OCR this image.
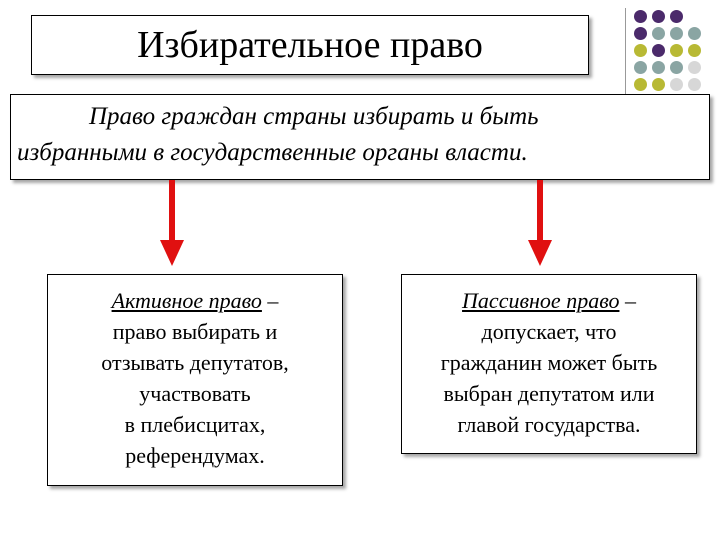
Избирательное право
Право граждан страны избирать и быть
избранными в государственные органы власти.
Активное право –
право выбирать и
отзывать депутатов,
участвовать
в плебисцитах,
референдумах.
Пассивное право –
допускает, что
гражданин может быть
выбран депутатом или
главой государства.
